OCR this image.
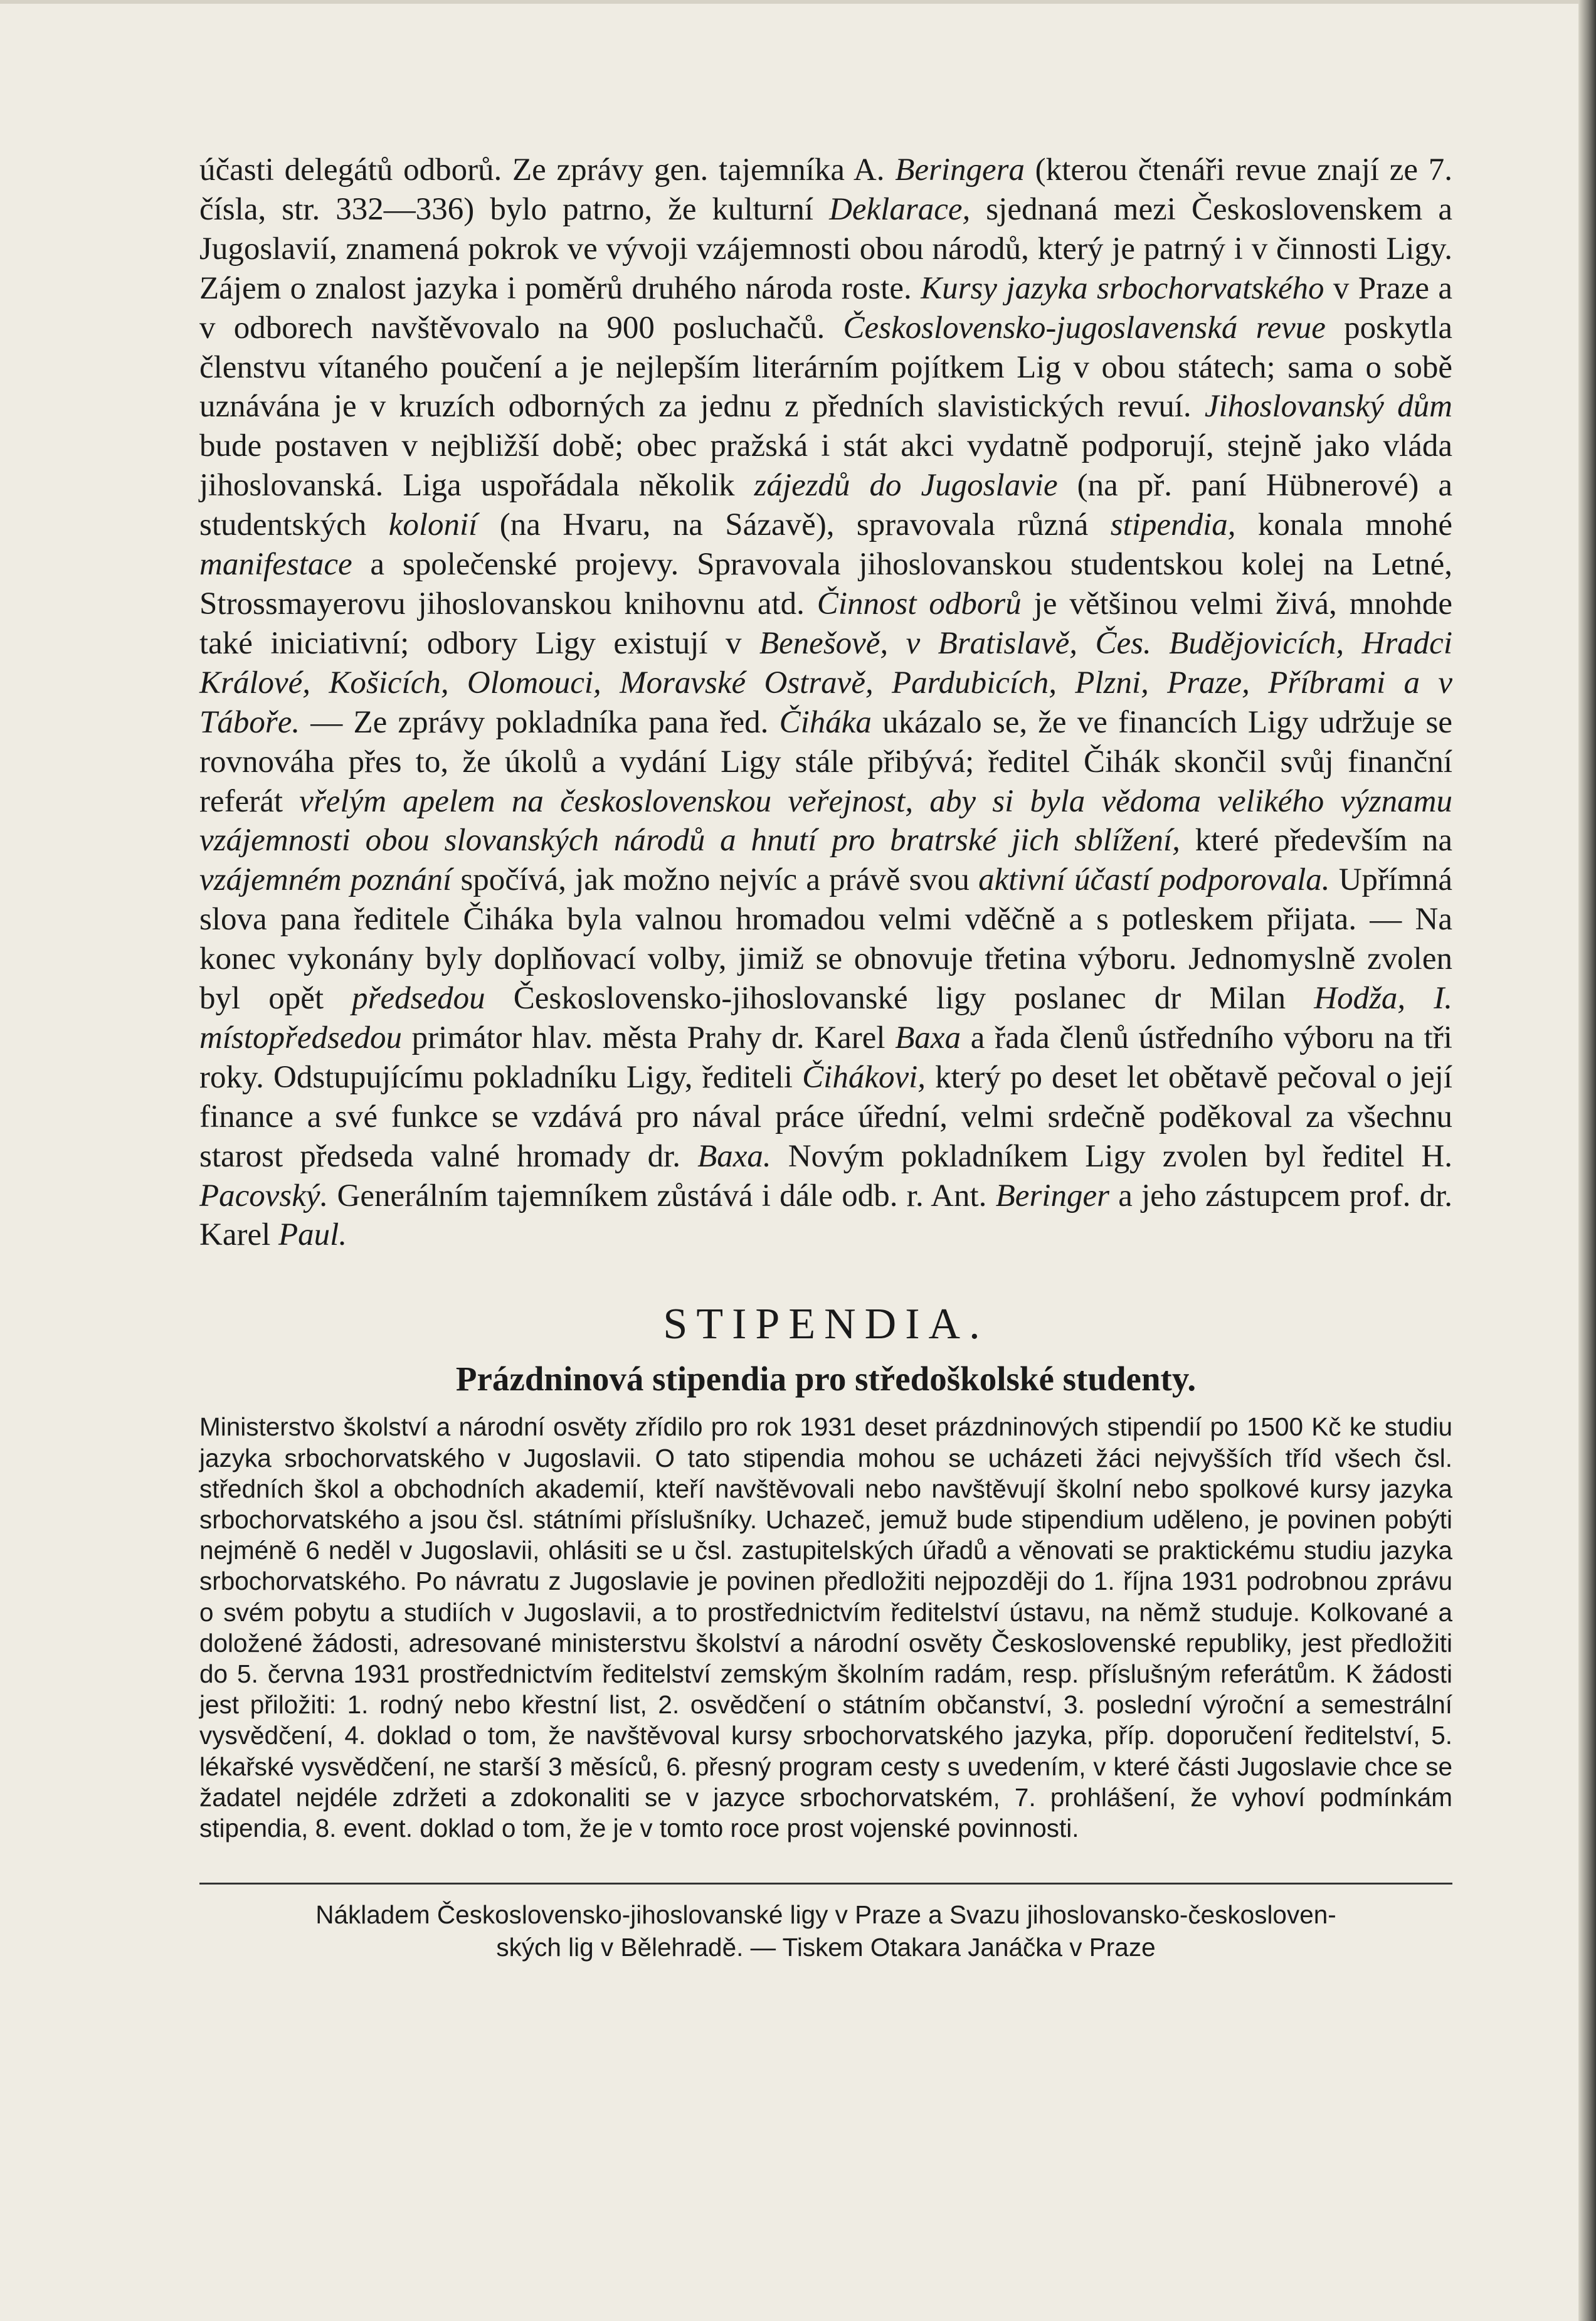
účasti delegátů odborů. Ze zprávy gen. tajemníka A. Beringera (kterou čtenáři revue znají ze 7. čísla, str. 332—336) bylo patrno, že kulturní Deklarace, sjednaná mezi Československem a Jugoslavií, znamená pokrok ve vývoji vzájemnosti obou národů, který je patrný i v činnosti Ligy. Zájem o znalost jazyka i poměrů druhého národa roste. Kursy jazyka srbochorvatského v Praze a v odborech navštěvovalo na 900 posluchačů. Československo-jugoslavenská revue poskytla členstvu vítaného poučení a je nejlepším literárním pojítkem Lig v obou státech; sama o sobě uznávána je v kruzích odborných za jednu z předních slavistických revuí. Jihoslovanský dům bude postaven v nejbližší době; obec pražská i stát akci vydatně podporují, stejně jako vláda jihoslovanská. Liga uspořádala několik zájezdů do Jugoslavie (na př. paní Hübnerové) a studentských kolonií (na Hvaru, na Sázavě), spravovala různá stipendia, konala mnohé manifestace a společenské projevy. Spravovala jihoslovanskou studentskou kolej na Letné, Strossmayerovu jihoslovanskou knihovnu atd. Činnost odborů je většinou velmi živá, mnohde také iniciativní; odbory Ligy existují v Benešově, v Bratislavě, Čes. Budějovicích, Hradci Králové, Košicích, Olomouci, Moravské Ostravě, Pardubicích, Plzni, Praze, Příbrami a v Táboře. — Ze zprávy pokladníka pana řed. Čiháka ukázalo se, že ve financích Ligy udržuje se rovnováha přes to, že úkolů a vydání Ligy stále přibývá; ředitel Čihák skončil svůj finanční referát vřelým apelem na československou veřejnost, aby si byla vědoma velikého významu vzájemnosti obou slovanských národů a hnutí pro bratrské jich sblížení, které především na vzájemném poznání spočívá, jak možno nejvíc a právě svou aktivní účastí podporovala. Upřímná slova pana ředitele Čiháka byla valnou hromadou velmi vděčně a s potleskem přijata. — Na konec vykonány byly doplňovací volby, jimiž se obnovuje třetina výboru. Jednomyslně zvolen byl opět předsedou Československo-jihoslovanské ligy poslanec dr Milan Hodža, I. místopředsedou primátor hlav. města Prahy dr. Karel Baxa a řada členů ústředního výboru na tři roky. Odstupujícímu pokladníku Ligy, řediteli Čihákovi, který po deset let obětavě pečoval o její finance a své funkce se vzdává pro nával práce úřední, velmi srdečně poděkoval za všechnu starost předseda valné hromady dr. Baxa. Novým pokladníkem Ligy zvolen byl ředitel H. Pacovský. Generálním tajemníkem zůstává i dále odb. r. Ant. Beringer a jeho zástupcem prof. dr. Karel Paul.

STIPENDIA.
Prázdninová stipendia pro středoškolské studenty.

Ministerstvo školství a národní osvěty zřídilo pro rok 1931 deset prázdninových stipendií po 1500 Kč ke studiu jazyka srbochorvatského v Jugoslavii. O tato stipendia mohou se ucházeti žáci nejvyšších tříd všech čsl. středních škol a obchodních akademií, kteří navštěvovali nebo navštěvují školní nebo spolkové kursy jazyka srbochorvatského a jsou čsl. státními příslušníky. Uchazeč, jemuž bude stipendium uděleno, je povinen pobýti nejméně 6 neděl v Jugoslavii, ohlásiti se u čsl. zastupitelských úřadů a věnovati se praktickému studiu jazyka srbochorvatského. Po návratu z Jugoslavie je povinen předložiti nejpozději do 1. října 1931 podrobnou zprávu o svém pobytu a studiích v Jugoslavii, a to prostřednictvím ředitelství ústavu, na němž studuje. Kolkované a doložené žádosti, adresované ministerstvu školství a národní osvěty Československé republiky, jest předložiti do 5. června 1931 prostřednictvím ředitelství zemským školním radám, resp. příslušným referátům. K žádosti jest přiložiti: 1. rodný nebo křestní list, 2. osvědčení o státním občanství, 3. poslední výroční a semestrální vysvědčení, 4. doklad o tom, že navštěvoval kursy srbochorvatského jazyka, příp. doporučení ředitelství, 5. lékařské vysvědčení, ne starší 3 měsíců, 6. přesný program cesty s uvedením, v které části Jugoslavie chce se žadatel nejdéle zdržeti a zdokonaliti se v jazyce srbochorvatském, 7. prohlášení, že vyhoví podmínkám stipendia, 8. event. doklad o tom, že je v tomto roce prost vojenské povinnosti.

Nákladem Československo-jihoslovanské ligy v Praze a Svazu jihoslovansko-českosloven-
ských lig v Bělehradě. — Tiskem Otakara Janáčka v Praze
